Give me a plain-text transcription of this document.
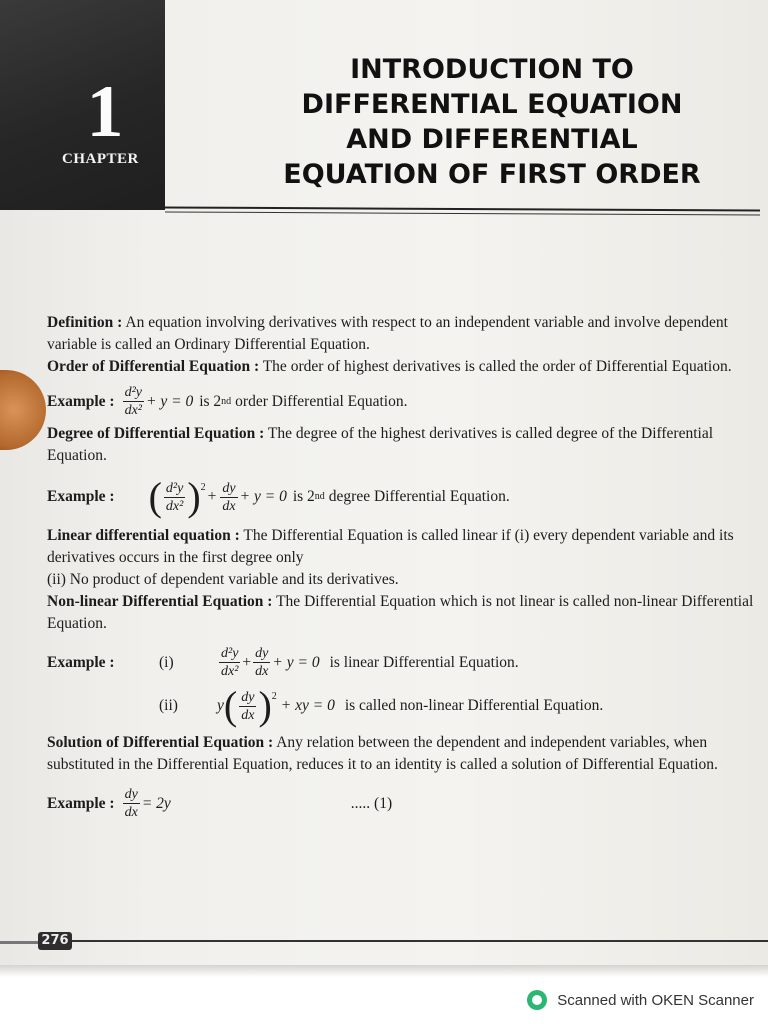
1
CHAPTER
INTRODUCTION TO
DIFFERENTIAL EQUATION
AND DIFFERENTIAL
EQUATION OF FIRST ORDER

Definition : An equation involving derivatives with respect to an independent variable and involve dependent variable is called an Ordinary Differential Equation.

Order of Differential Equation : The order of highest derivatives is called the order of Differential Equation.

Example : $\frac{\text{d²y}}{\text{dx²}} + y = 0$ is 2 nd order Differential Equation.

Degree of Differential Equation : The degree of the highest derivatives is called degree of the Differential Equation.

Example : ( $\frac{\text{d²y}}{\text{dx²}} )^2$
+ $\frac{dy}{dx} + y = 0$ is 2 nd degree Differential Equation.

Linear differential equation : The Differential Equation is called linear if (i) every dependent variable and its derivatives occurs in the first degree only

(ii) No product of dependent variable and its derivatives.

Non-linear Differential Equation : The Differential Equation which is not linear is called non-linear Differential Equation.

Example :	(i)	$\frac{\text{d²y}}{\text{dx²}} + \frac{dy}{dx} + y = 0$ is linear Differential Equation.
(ii)	y ( $\frac{dy}{dx} )^2$
+ xy = 0 is called non-linear Differential Equation.

Solution of Differential Equation : Any relation between the dependent and independent variables, when substituted in the Differential Equation, reduces it to an identity is called a solution of Differential Equation.

Example : $\frac{dy}{dx} = 2y$	..... (1)
276
Scanned with OKEN Scanner
